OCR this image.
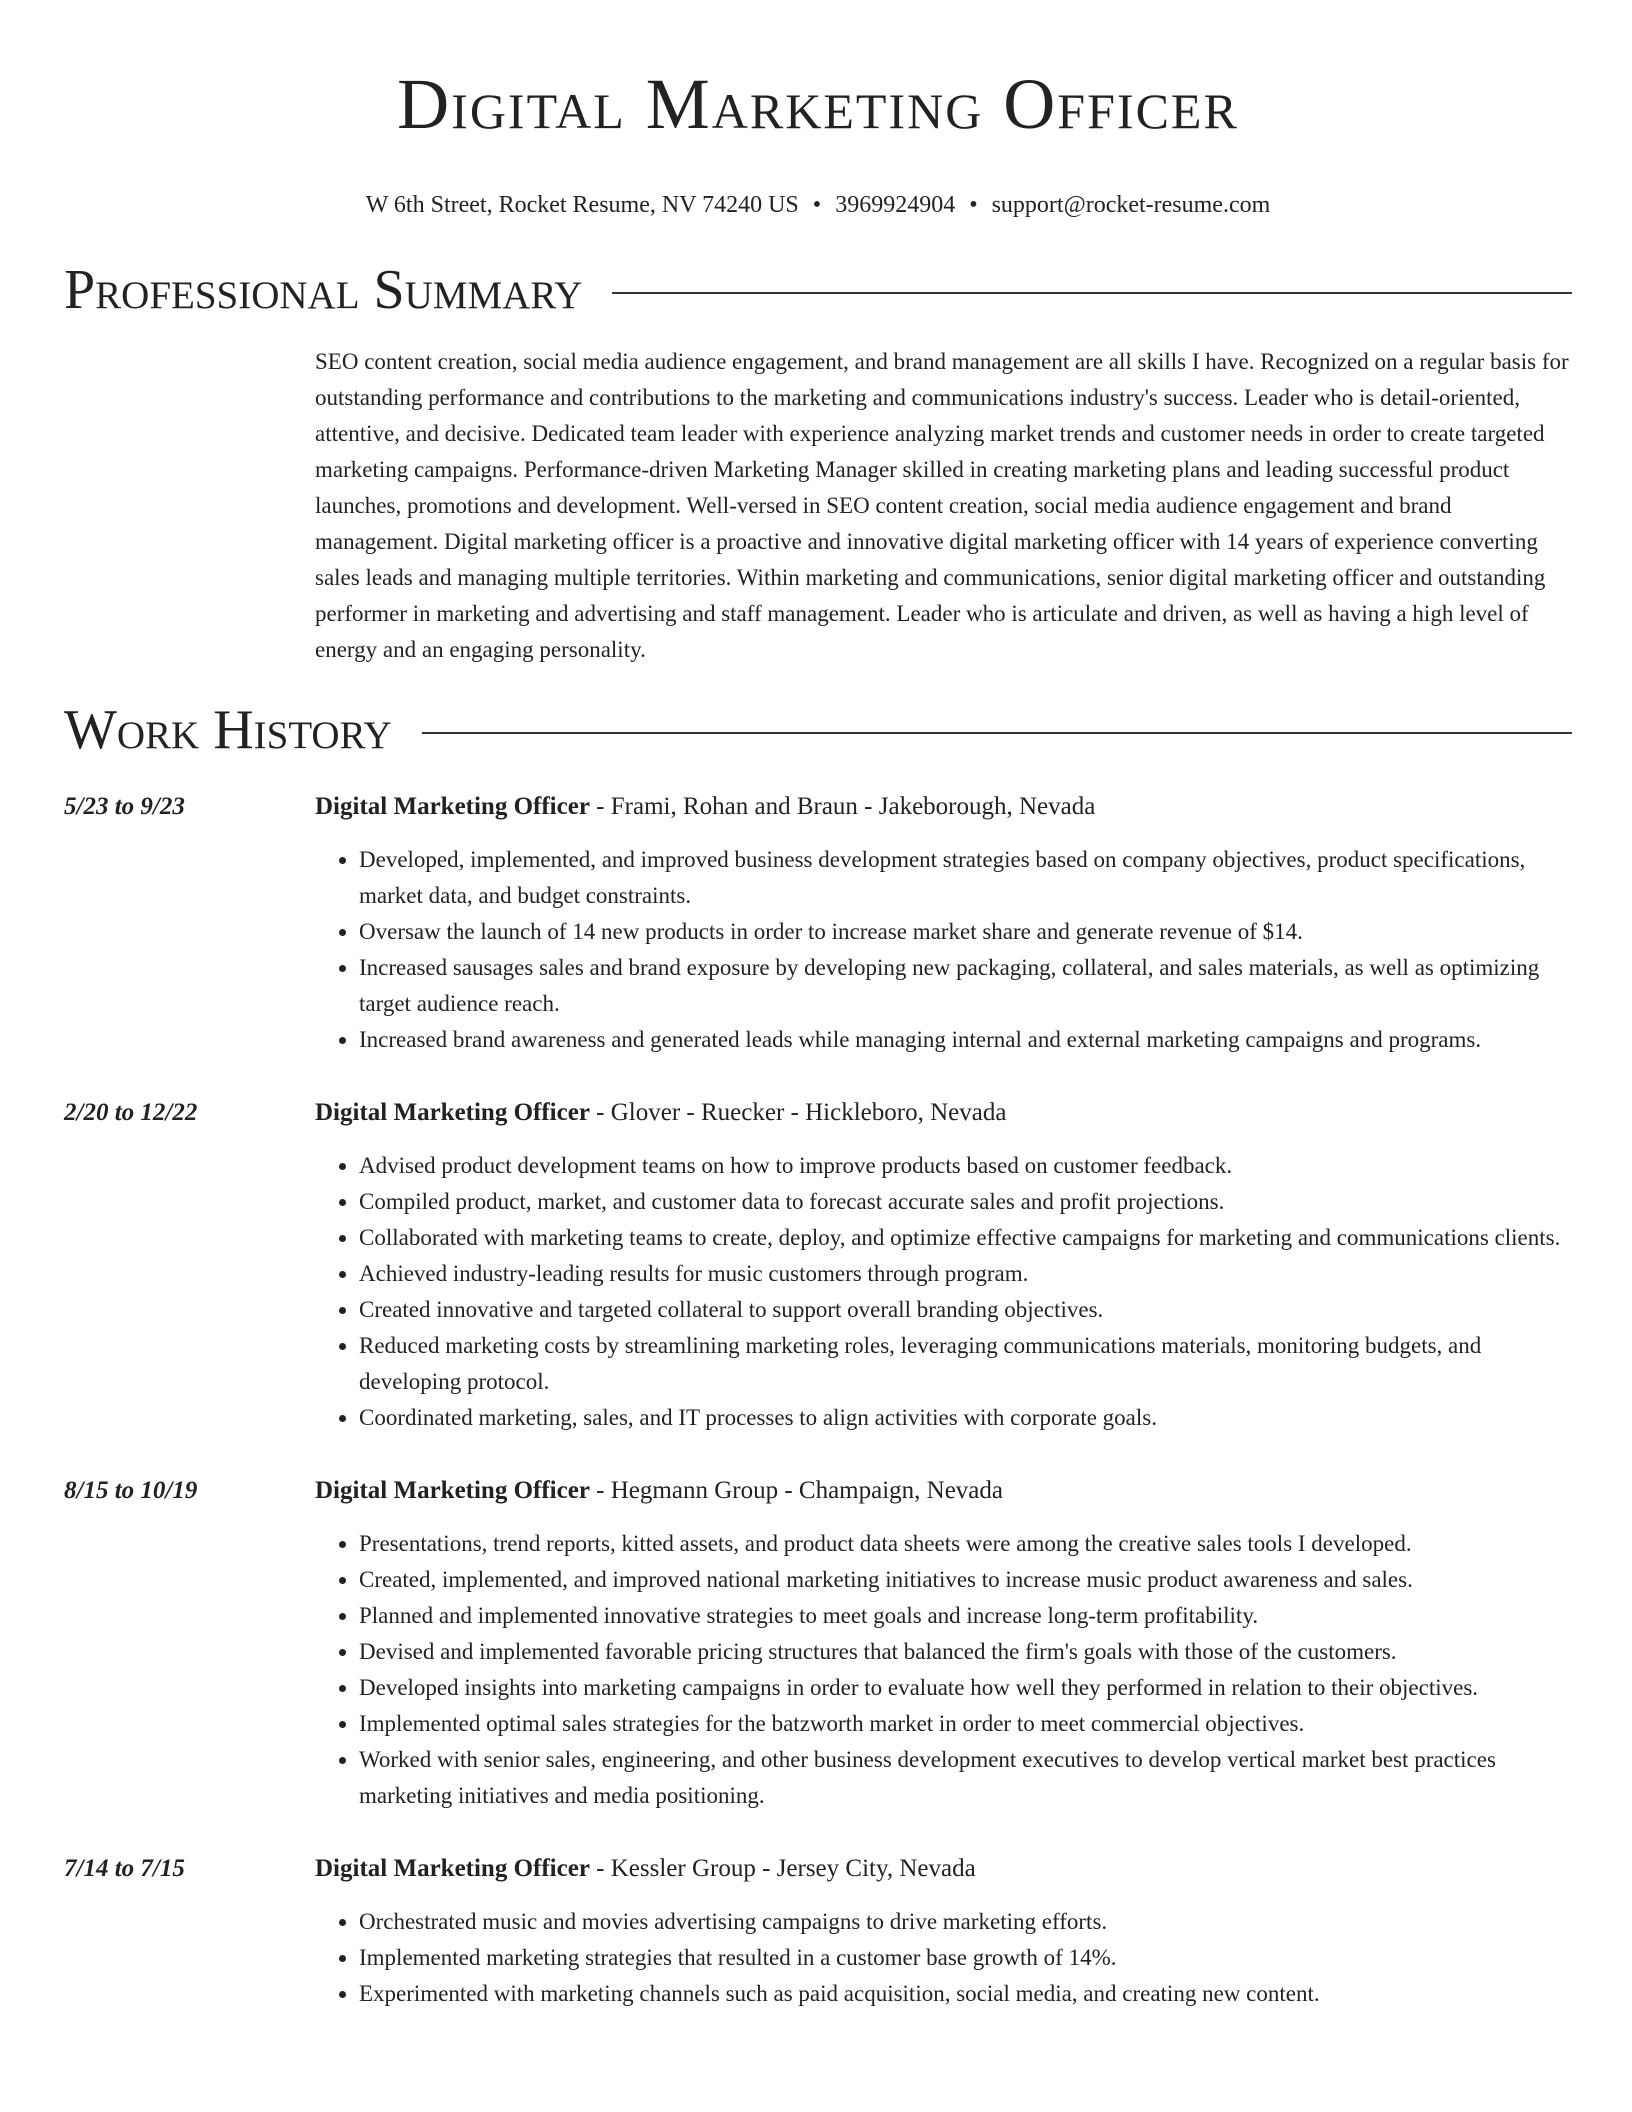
Digital Marketing Officer
W 6th Street, Rocket Resume, NV 74240 US • 3969924904 • support@rocket-resume.com
Professional Summary
SEO content creation, social media audience engagement, and brand management are all skills I have. Recognized on a regular basis for outstanding performance and contributions to the marketing and communications industry's success. Leader who is detail-oriented, attentive, and decisive. Dedicated team leader with experience analyzing market trends and customer needs in order to create targeted marketing campaigns. Performance-driven Marketing Manager skilled in creating marketing plans and leading successful product launches, promotions and development. Well-versed in SEO content creation, social media audience engagement and brand management. Digital marketing officer is a proactive and innovative digital marketing officer with 14 years of experience converting sales leads and managing multiple territories. Within marketing and communications, senior digital marketing officer and outstanding performer in marketing and advertising and staff management. Leader who is articulate and driven, as well as having a high level of energy and an engaging personality.
Work History
5/23 to 9/23	Digital Marketing Officer - Frami, Rohan and Braun - Jakeborough, Nevada
• Developed, implemented, and improved business development strategies based on company objectives, product specifications, market data, and budget constraints.
• Oversaw the launch of 14 new products in order to increase market share and generate revenue of $14.
• Increased sausages sales and brand exposure by developing new packaging, collateral, and sales materials, as well as optimizing target audience reach.
• Increased brand awareness and generated leads while managing internal and external marketing campaigns and programs.
2/20 to 12/22	Digital Marketing Officer - Glover - Ruecker - Hickleboro, Nevada
• Advised product development teams on how to improve products based on customer feedback.
• Compiled product, market, and customer data to forecast accurate sales and profit projections.
• Collaborated with marketing teams to create, deploy, and optimize effective campaigns for marketing and communications clients.
• Achieved industry-leading results for music customers through program.
• Created innovative and targeted collateral to support overall branding objectives.
• Reduced marketing costs by streamlining marketing roles, leveraging communications materials, monitoring budgets, and developing protocol.
• Coordinated marketing, sales, and IT processes to align activities with corporate goals.
8/15 to 10/19	Digital Marketing Officer - Hegmann Group - Champaign, Nevada
• Presentations, trend reports, kitted assets, and product data sheets were among the creative sales tools I developed.
• Created, implemented, and improved national marketing initiatives to increase music product awareness and sales.
• Planned and implemented innovative strategies to meet goals and increase long-term profitability.
• Devised and implemented favorable pricing structures that balanced the firm's goals with those of the customers.
• Developed insights into marketing campaigns in order to evaluate how well they performed in relation to their objectives.
• Implemented optimal sales strategies for the batzworth market in order to meet commercial objectives.
• Worked with senior sales, engineering, and other business development executives to develop vertical market best practices marketing initiatives and media positioning.
7/14 to 7/15	Digital Marketing Officer - Kessler Group - Jersey City, Nevada
• Orchestrated music and movies advertising campaigns to drive marketing efforts.
• Implemented marketing strategies that resulted in a customer base growth of 14%.
• Experimented with marketing channels such as paid acquisition, social media, and creating new content.
